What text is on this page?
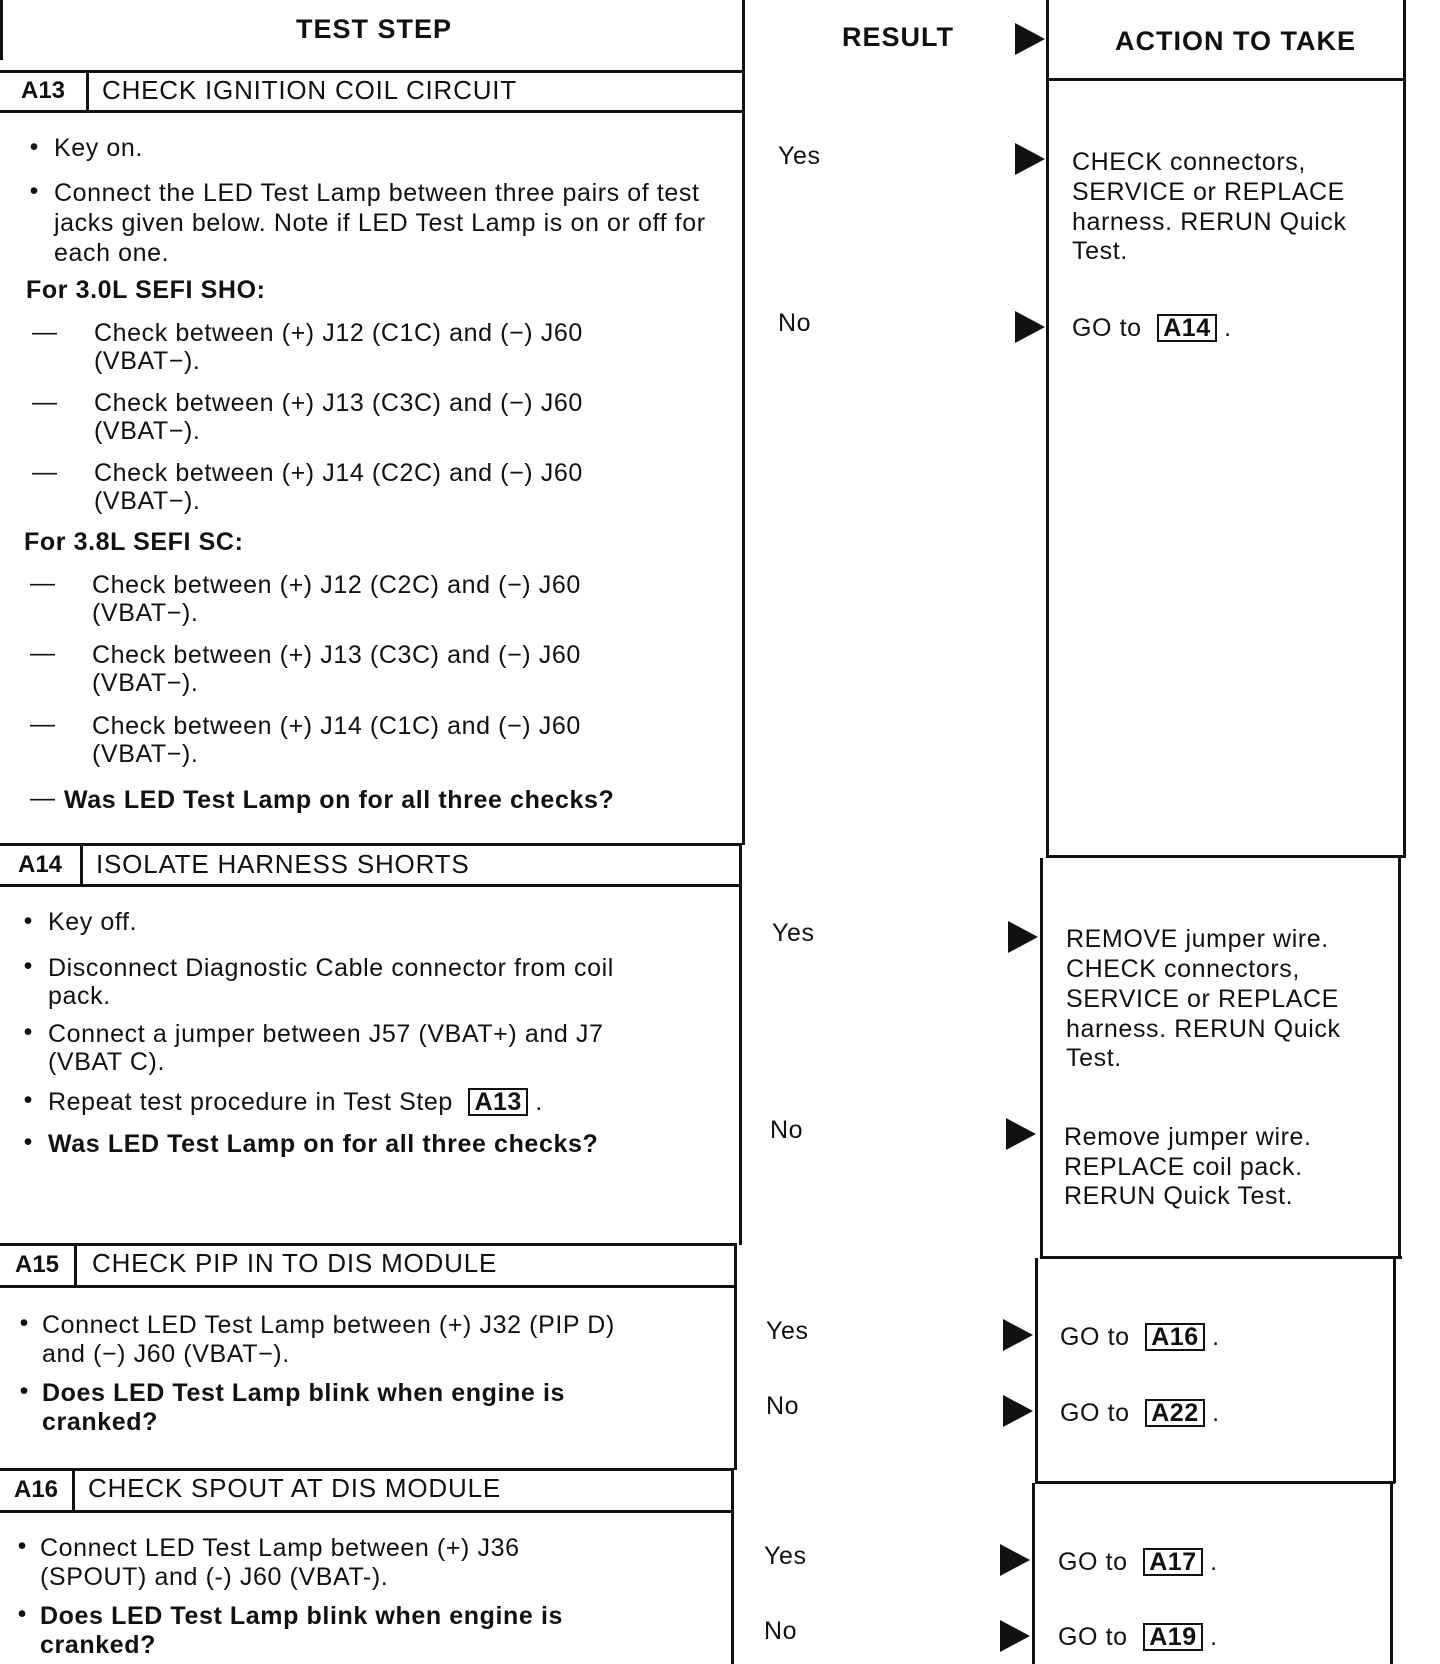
TEST STEP	RESULT	ACTION TO TAKE
A13	CHECK IGNITION COIL CIRCUIT
• Key on.
• Connect the LED Test Lamp between three pairs of test jacks given below. Note if LED Test Lamp is on or off for each one.
For 3.0L SEFI SHO:
— Check between (+) J12 (C1C) and (−) J60
(VBAT−).
— Check between (+) J13 (C3C) and (−) J60
(VBAT−).
— Check between (+) J14 (C2C) and (−) J60
(VBAT−).
For 3.8L SEFI SC:
— Check between (+) J12 (C2C) and (−) J60
(VBAT−).
— Check between (+) J13 (C3C) and (−) J60
(VBAT−).
— Check between (+) J14 (C1C) and (−) J60
(VBAT−).
— Was LED Test Lamp on for all three checks?
Yes	CHECK connectors,
SERVICE or REPLACE
harness. RERUN Quick
Test.
No	GO to A14 .
A14	ISOLATE HARNESS SHORTS
• Key off.
• Disconnect Diagnostic Cable connector from coil
pack.
• Connect a jumper between J57 (VBAT+) and J7
(VBAT C).
• Repeat test procedure in Test Step A13 .
• Was LED Test Lamp on for all three checks?
Yes	REMOVE jumper wire.
CHECK connectors,
SERVICE or REPLACE
harness. RERUN Quick
Test.
No	Remove jumper wire.
REPLACE coil pack.
RERUN Quick Test.
A15	CHECK PIP IN TO DIS MODULE
• Connect LED Test Lamp between (+) J32 (PIP D)
and (−) J60 (VBAT−).
• Does LED Test Lamp blink when engine is
cranked?
Yes	GO to A16 .
No	GO to A22 .
A16	CHECK SPOUT AT DIS MODULE
• Connect LED Test Lamp between (+) J36
(SPOUT) and (-) J60 (VBAT-).
• Does LED Test Lamp blink when engine is
cranked?
Yes	GO to A17 .
No	GO to A19 .
